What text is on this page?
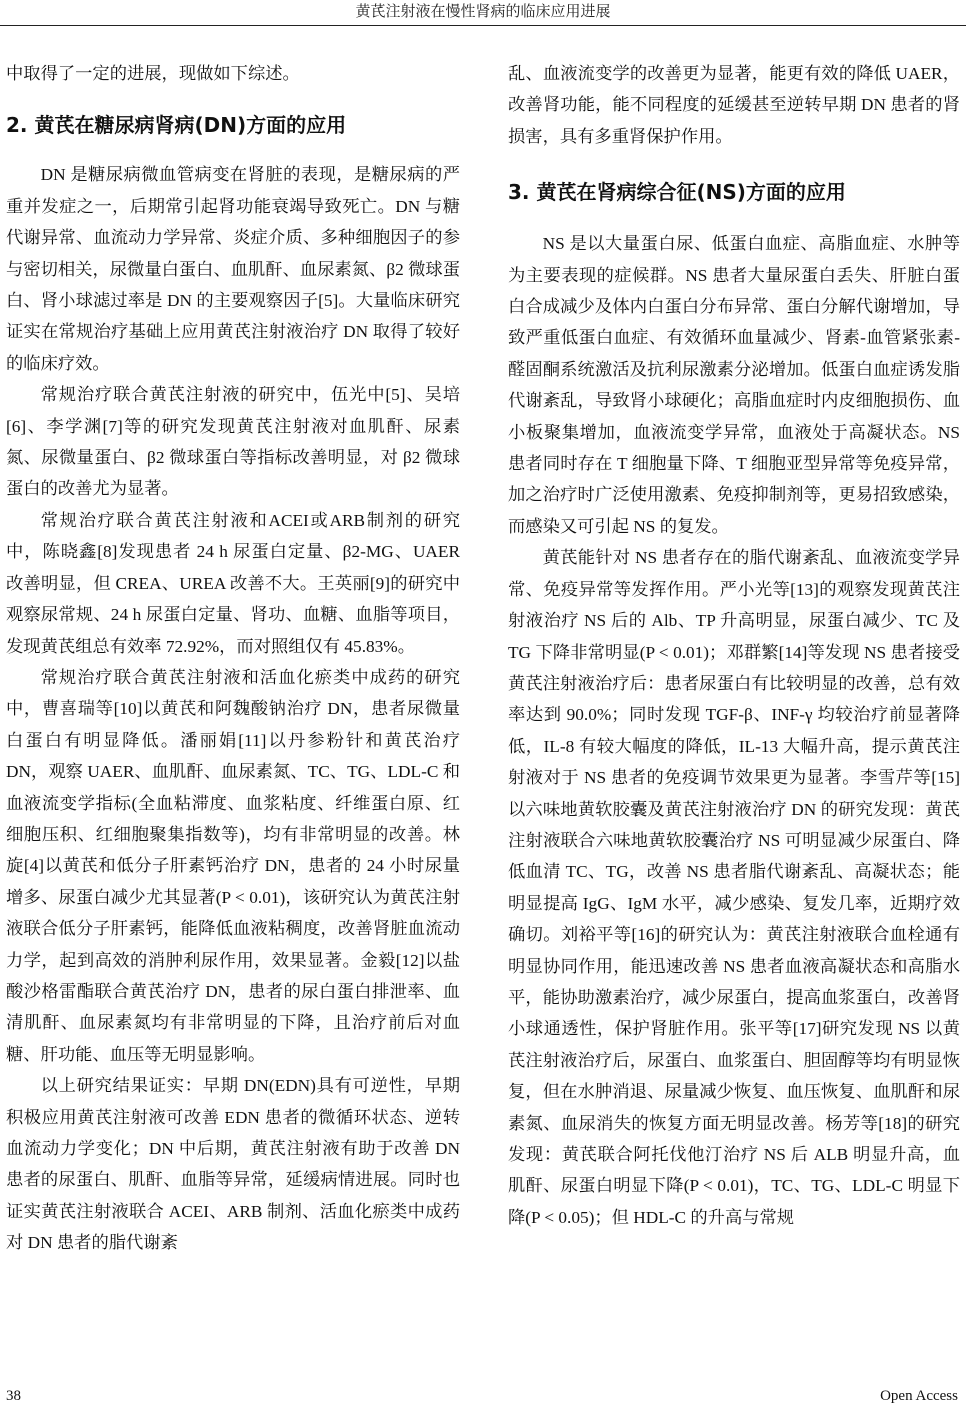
黄芪注射液在慢性肾病的临床应用进展

中取得了一定的进展，现做如下综述。

2. 黄芪在糖尿病肾病(DN)方面的应用

DN 是糖尿病微血管病变在肾脏的表现，是糖尿病的严重并发症之一，后期常引起肾功能衰竭导致死亡。DN 与糖代谢异常、血流动力学异常、炎症介质、多种细胞因子的参与密切相关，尿微量白蛋白、血肌酐、血尿素氮、β2 微球蛋白、肾小球滤过率是 DN 的主要观察因子[5]。大量临床研究证实在常规治疗基础上应用黄芪注射液治疗 DN 取得了较好的临床疗效。

常规治疗联合黄芪注射液的研究中，伍光中[5]、吴培[6]、李学渊[7]等的研究发现黄芪注射液对血肌酐、尿素氮、尿微量蛋白、β2 微球蛋白等指标改善明显，对 β2 微球蛋白的改善尤为显著。

常规治疗联合黄芪注射液和ACEI或ARB制剂的研究中，陈晓鑫[8]发现患者 24 h 尿蛋白定量、β2-MG、UAER 改善明显，但 CREA、UREA 改善不大。王英丽[9]的研究中观察尿常规、24 h 尿蛋白定量、肾功、血糖、血脂等项目，发现黄芪组总有效率 72.92%，而对照组仅有 45.83%。

常规治疗联合黄芪注射液和活血化瘀类中成药的研究中，曹喜瑞等[10]以黄芪和阿魏酸钠治疗 DN，患者尿微量白蛋白有明显降低。潘丽娟[11]以丹参粉针和黄芪治疗 DN，观察 UAER、血肌酐、血尿素氮、TC、TG、LDL-C 和血液流变学指标(全血粘滞度、血浆粘度、纤维蛋白原、红细胞压积、红细胞聚集指数等)，均有非常明显的改善。林旋[4]以黄芪和低分子肝素钙治疗 DN，患者的 24 小时尿量增多、尿蛋白减少尤其显著(P < 0.01)，该研究认为黄芪注射液联合低分子肝素钙，能降低血液粘稠度，改善肾脏血流动力学，起到高效的消肿利尿作用，效果显著。金毅[12]以盐酸沙格雷酯联合黄芪治疗 DN，患者的尿白蛋白排泄率、血清肌酐、血尿素氮均有非常明显的下降，且治疗前后对血糖、肝功能、血压等无明显影响。

以上研究结果证实：早期 DN(EDN)具有可逆性，早期积极应用黄芪注射液可改善 EDN 患者的微循环状态、逆转血流动力学变化；DN 中后期，黄芪注射液有助于改善 DN 患者的尿蛋白、肌酐、血脂等异常，延缓病情进展。同时也证实黄芪注射液联合 ACEI、ARB 制剂、活血化瘀类中成药对 DN 患者的脂代谢紊

乱、血液流变学的改善更为显著，能更有效的降低 UAER，改善肾功能，能不同程度的延缓甚至逆转早期 DN 患者的肾损害，具有多重肾保护作用。

3. 黄芪在肾病综合征(NS)方面的应用

NS 是以大量蛋白尿、低蛋白血症、高脂血症、水肿等为主要表现的症候群。NS 患者大量尿蛋白丢失、肝脏白蛋白合成减少及体内白蛋白分布异常、蛋白分解代谢增加，导致严重低蛋白血症、有效循环血量减少、肾素-血管紧张素-醛固酮系统激活及抗利尿激素分泌增加。低蛋白血症诱发脂代谢紊乱，导致肾小球硬化；高脂血症时内皮细胞损伤、血小板聚集增加，血液流变学异常，血液处于高凝状态。NS 患者同时存在 T 细胞量下降、T 细胞亚型异常等免疫异常，加之治疗时广泛使用激素、免疫抑制剂等，更易招致感染，而感染又可引起 NS 的复发。

黄芪能针对 NS 患者存在的脂代谢紊乱、血液流变学异常、免疫异常等发挥作用。严小光等[13]的观察发现黄芪注射液治疗 NS 后的 Alb、TP 升高明显，尿蛋白减少、TC 及 TG 下降非常明显(P < 0.01)；邓群繁[14]等发现 NS 患者接受黄芪注射液治疗后：患者尿蛋白有比较明显的改善，总有效率达到 90.0%；同时发现 TGF-β、INF-γ 均较治疗前显著降低，IL-8 有较大幅度的降低，IL-13 大幅升高，提示黄芪注射液对于 NS 患者的免疫调节效果更为显著。李雪芹等[15]以六味地黄软胶囊及黄芪注射液治疗 DN 的研究发现：黄芪注射液联合六味地黄软胶囊治疗 NS 可明显减少尿蛋白、降低血清 TC、TG，改善 NS 患者脂代谢紊乱、高凝状态；能明显提高 IgG、IgM 水平，减少感染、复发几率，近期疗效确切。刘裕平等[16]的研究认为：黄芪注射液联合血栓通有明显协同作用，能迅速改善 NS 患者血液高凝状态和高脂水平，能协助激素治疗，减少尿蛋白，提高血浆蛋白，改善肾小球通透性，保护肾脏作用。张平等[17]研究发现 NS 以黄芪注射液治疗后，尿蛋白、血浆蛋白、胆固醇等均有明显恢复，但在水肿消退、尿量减少恢复、血压恢复、血肌酐和尿素氮、血尿消失的恢复方面无明显改善。杨芳等[18]的研究发现：黄芪联合阿托伐他汀治疗 NS 后 ALB 明显升高，血肌酐、尿蛋白明显下降(P < 0.01)，TC、TG、LDL-C 明显下降(P < 0.05)；但 HDL-C 的升高与常规

38	Open Access
